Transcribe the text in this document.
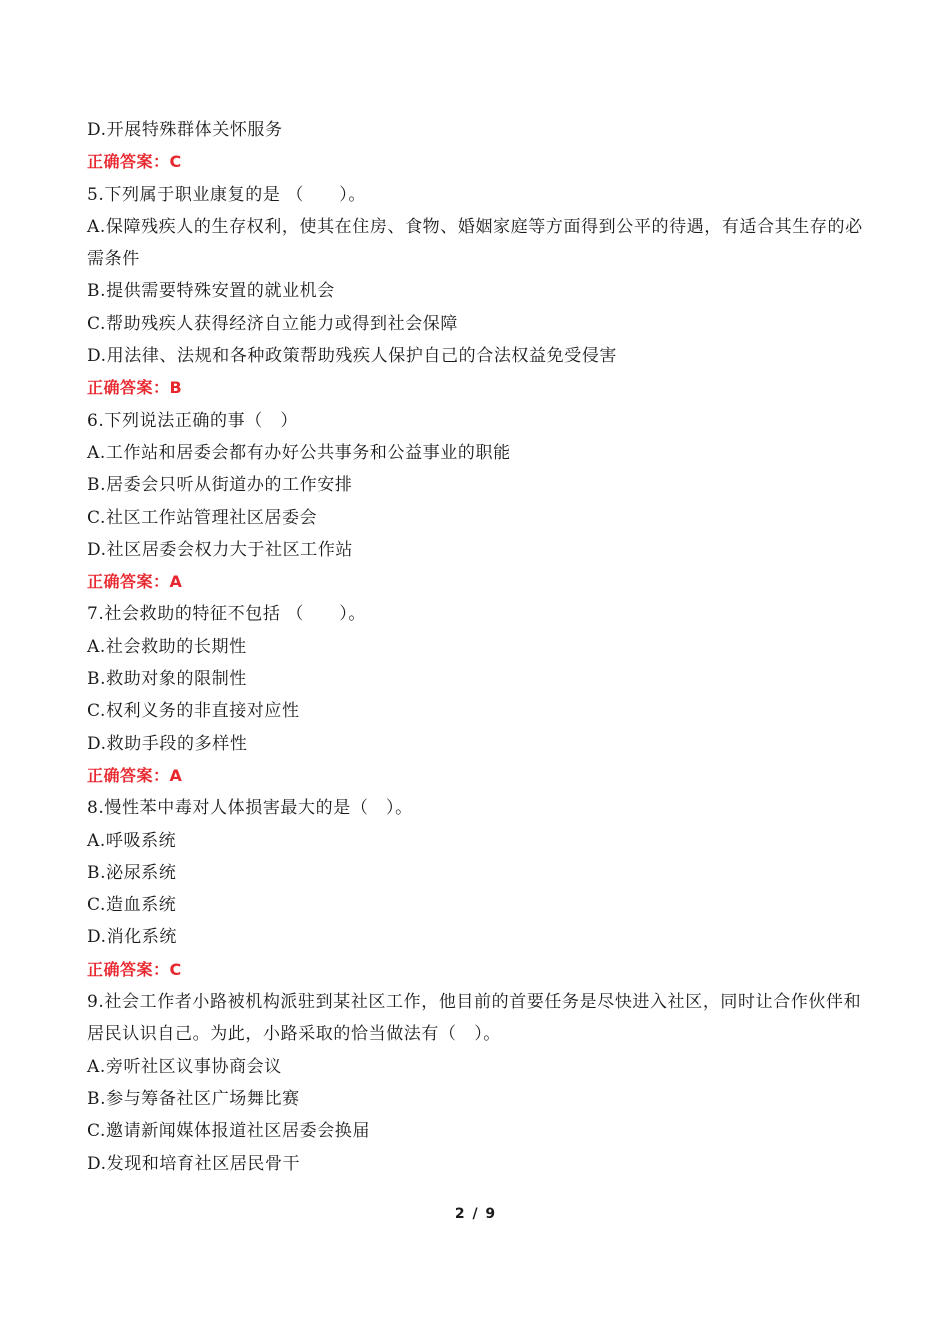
D.开展特殊群体关怀服务
正确答案：C
5.下列属于职业康复的是 （　　）。
A.保障残疾人的生存权利，使其在住房、食物、婚姻家庭等方面得到公平的待遇，有适合其生存的必需条件
B.提供需要特殊安置的就业机会
C.帮助残疾人获得经济自立能力或得到社会保障
D.用法律、法规和各种政策帮助残疾人保护自己的合法权益免受侵害
正确答案：B
6.下列说法正确的事（　）
A.工作站和居委会都有办好公共事务和公益事业的职能
B.居委会只听从街道办的工作安排
C.社区工作站管理社区居委会
D.社区居委会权力大于社区工作站
正确答案：A
7.社会救助的特征不包括 （　　）。
A.社会救助的长期性
B.救助对象的限制性
C.权利义务的非直接对应性
D.救助手段的多样性
正确答案：A
8.慢性苯中毒对人体损害最大的是（　）。
A.呼吸系统
B.泌尿系统
C.造血系统
D.消化系统
正确答案：C
9.社会工作者小路被机构派驻到某社区工作，他目前的首要任务是尽快进入社区，同时让合作伙伴和居民认识自己。为此，小路采取的恰当做法有（　）。
A.旁听社区议事协商会议
B.参与筹备社区广场舞比赛
C.邀请新闻媒体报道社区居委会换届
D.发现和培育社区居民骨干
2 / 9
